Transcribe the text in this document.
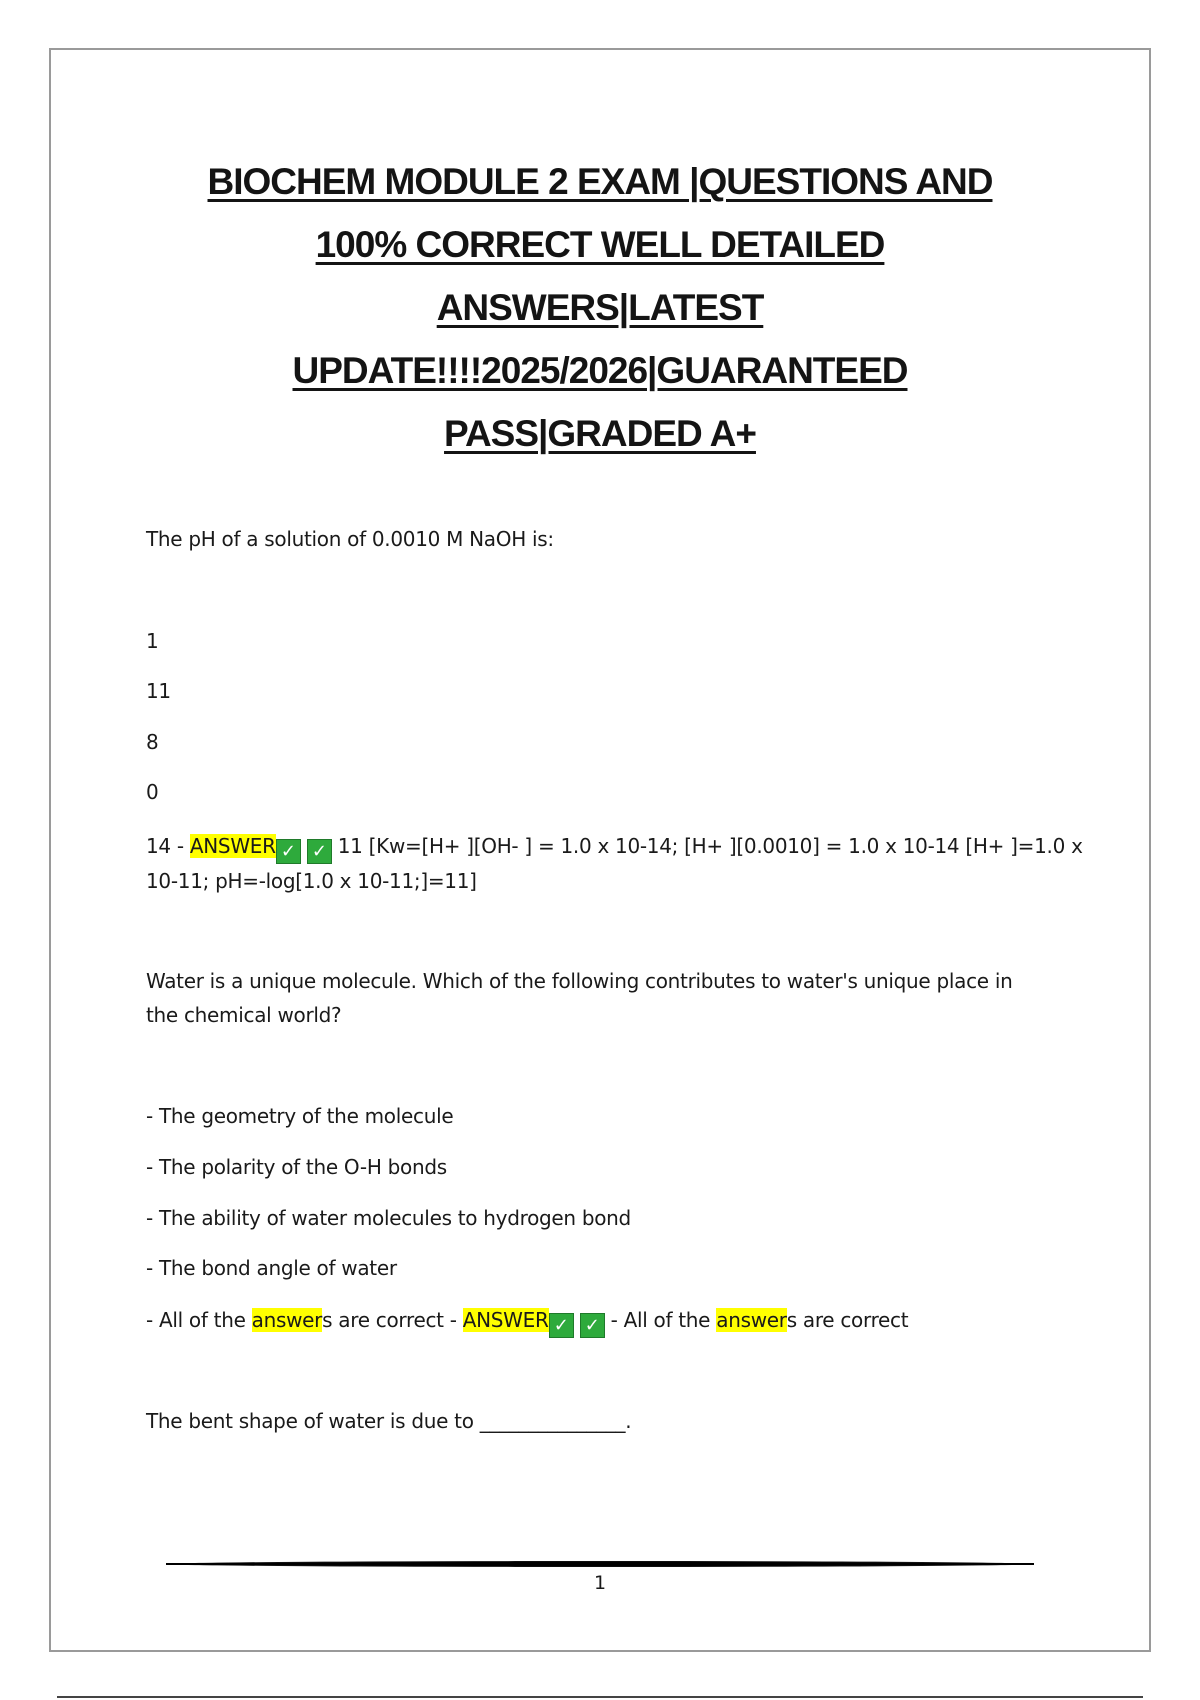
BIOCHEM MODULE 2 EXAM |QUESTIONS AND
100% CORRECT WELL DETAILED
ANSWERS|LATEST
UPDATE!!!!2025/2026|GUARANTEED
PASS|GRADED A+
The pH of a solution of 0.0010 M NaOH is:
1
11
8
0
14 - ANSWER ✓ ✓ 11 [Kw=[H+ ][OH- ] = 1.0 x 10-14; [H+ ][0.0010] = 1.0 x 10-14 [H+ ]=1.0 x
10-11; pH=-log[1.0 x 10-11;]=11]
Water is a unique molecule. Which of the following contributes to water's unique place in the chemical world?
- The geometry of the molecule
- The polarity of the O-H bonds
- The ability of water molecules to hydrogen bond
- The bond angle of water
- All of the answers are correct - ANSWER ✓ ✓ - All of the answers are correct
The bent shape of water is due to _______________.
1
